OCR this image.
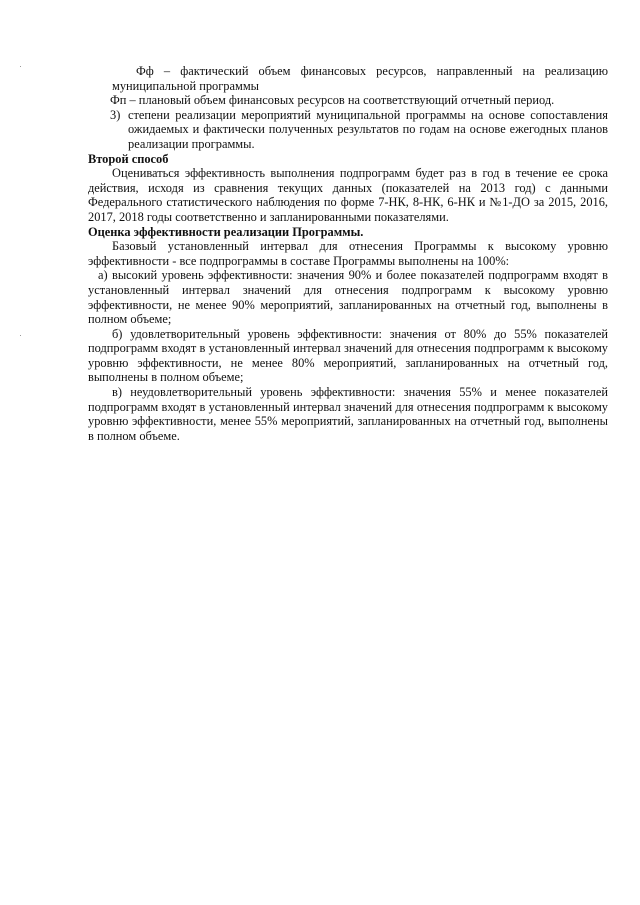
Фф – фактический объем финансовых ресурсов, направленный на реализацию муниципальной программы

Фп – плановый объем финансовых ресурсов на соответствующий отчетный период.

3) степени реализации мероприятий муниципальной программы на основе сопоставления ожидаемых и фактически полученных результатов по годам на основе ежегодных планов реализации программы.

Второй способ

Оцениваться эффективность выполнения подпрограмм будет раз в год в течение ее срока действия, исходя из сравнения текущих данных (показателей на 2013 год) с данными Федерального статистического наблюдения по форме 7-НК, 8-НК, 6-НК и №1-ДО за 2015, 2016, 2017, 2018 годы соответственно и запланированными показателями.

Оценка эффективности реализации Программы.

Базовый установленный интервал для отнесения Программы к высокому уровню эффективности - все подпрограммы в составе Программы выполнены на 100%:

а) высокий уровень эффективности: значения 90% и более показателей подпрограмм входят в установленный интервал значений для отнесения подпрограмм к высокому уровню эффективности, не менее 90% мероприятий, запланированных на отчетный год, выполнены в полном объеме;

б) удовлетворительный уровень эффективности: значения от 80% до 55% показателей подпрограмм входят в установленный интервал значений для отнесения подпрограмм к высокому уровню эффективности, не менее 80% мероприятий, запланированных на отчетный год, выполнены в полном объеме;

в) неудовлетворительный уровень эффективности: значения 55% и менее показателей подпрограмм входят в установленный интервал значений для отнесения подпрограмм к высокому уровню эффективности, менее 55% мероприятий, запланированных на отчетный год, выполнены в полном объеме.
